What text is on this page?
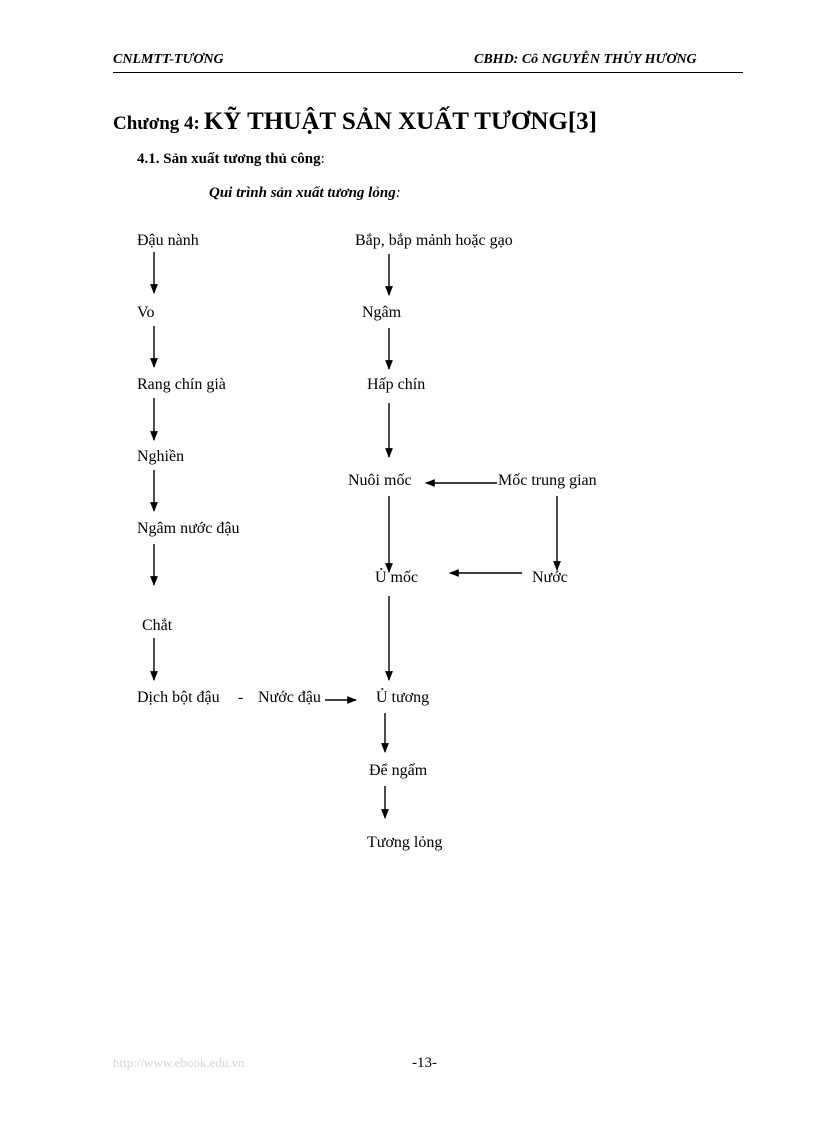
CNLMTT-TƯƠNG	CBHD: Cô NGUYỄN THỦY HƯƠNG
Chương 4: KỸ THUẬT SẢN XUẤT TƯƠNG[3]
4.1. Sản xuất tương thủ công:
Qui trình sản xuất tương lỏng:
Đậu nành
Vo
Rang chín già
Nghiền
Ngâm nước đậu
Chắt
Dịch bột đậu - Nước đậu
Bắp, bắp mảnh hoặc gạo
Ngâm
Hấp chín
Nuôi mốc
Ủ mốc
Ủ tương
Để ngấm
Tương lỏng
Mốc trung gian
Nước
http://www.ebook.edu.vn	-13-
